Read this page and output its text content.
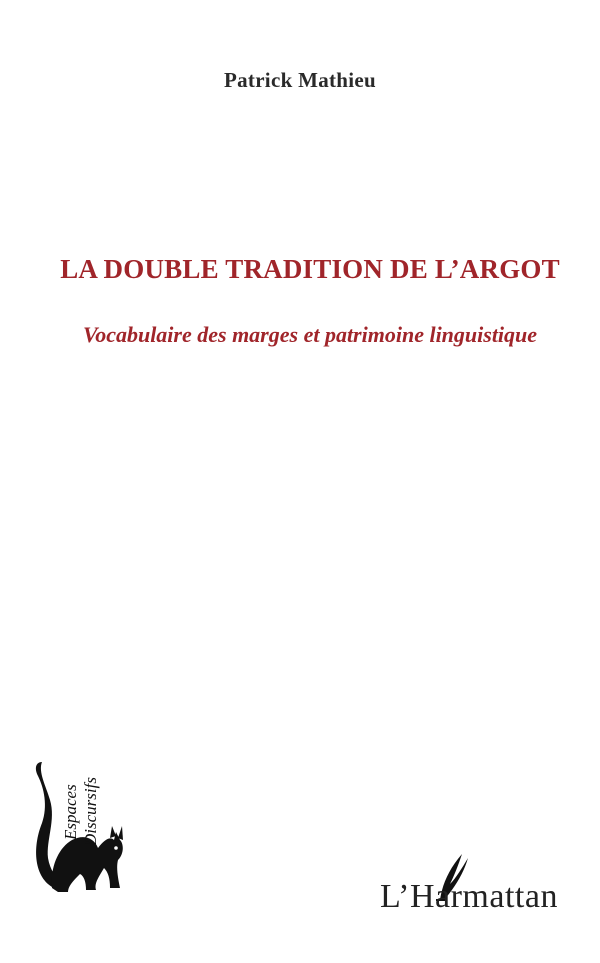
Patrick Mathieu
LA DOUBLE TRADITION DE L’ARGOT
Vocabulaire des marges et patrimoine linguistique
Espaces Discursifs
L’Harmattan
